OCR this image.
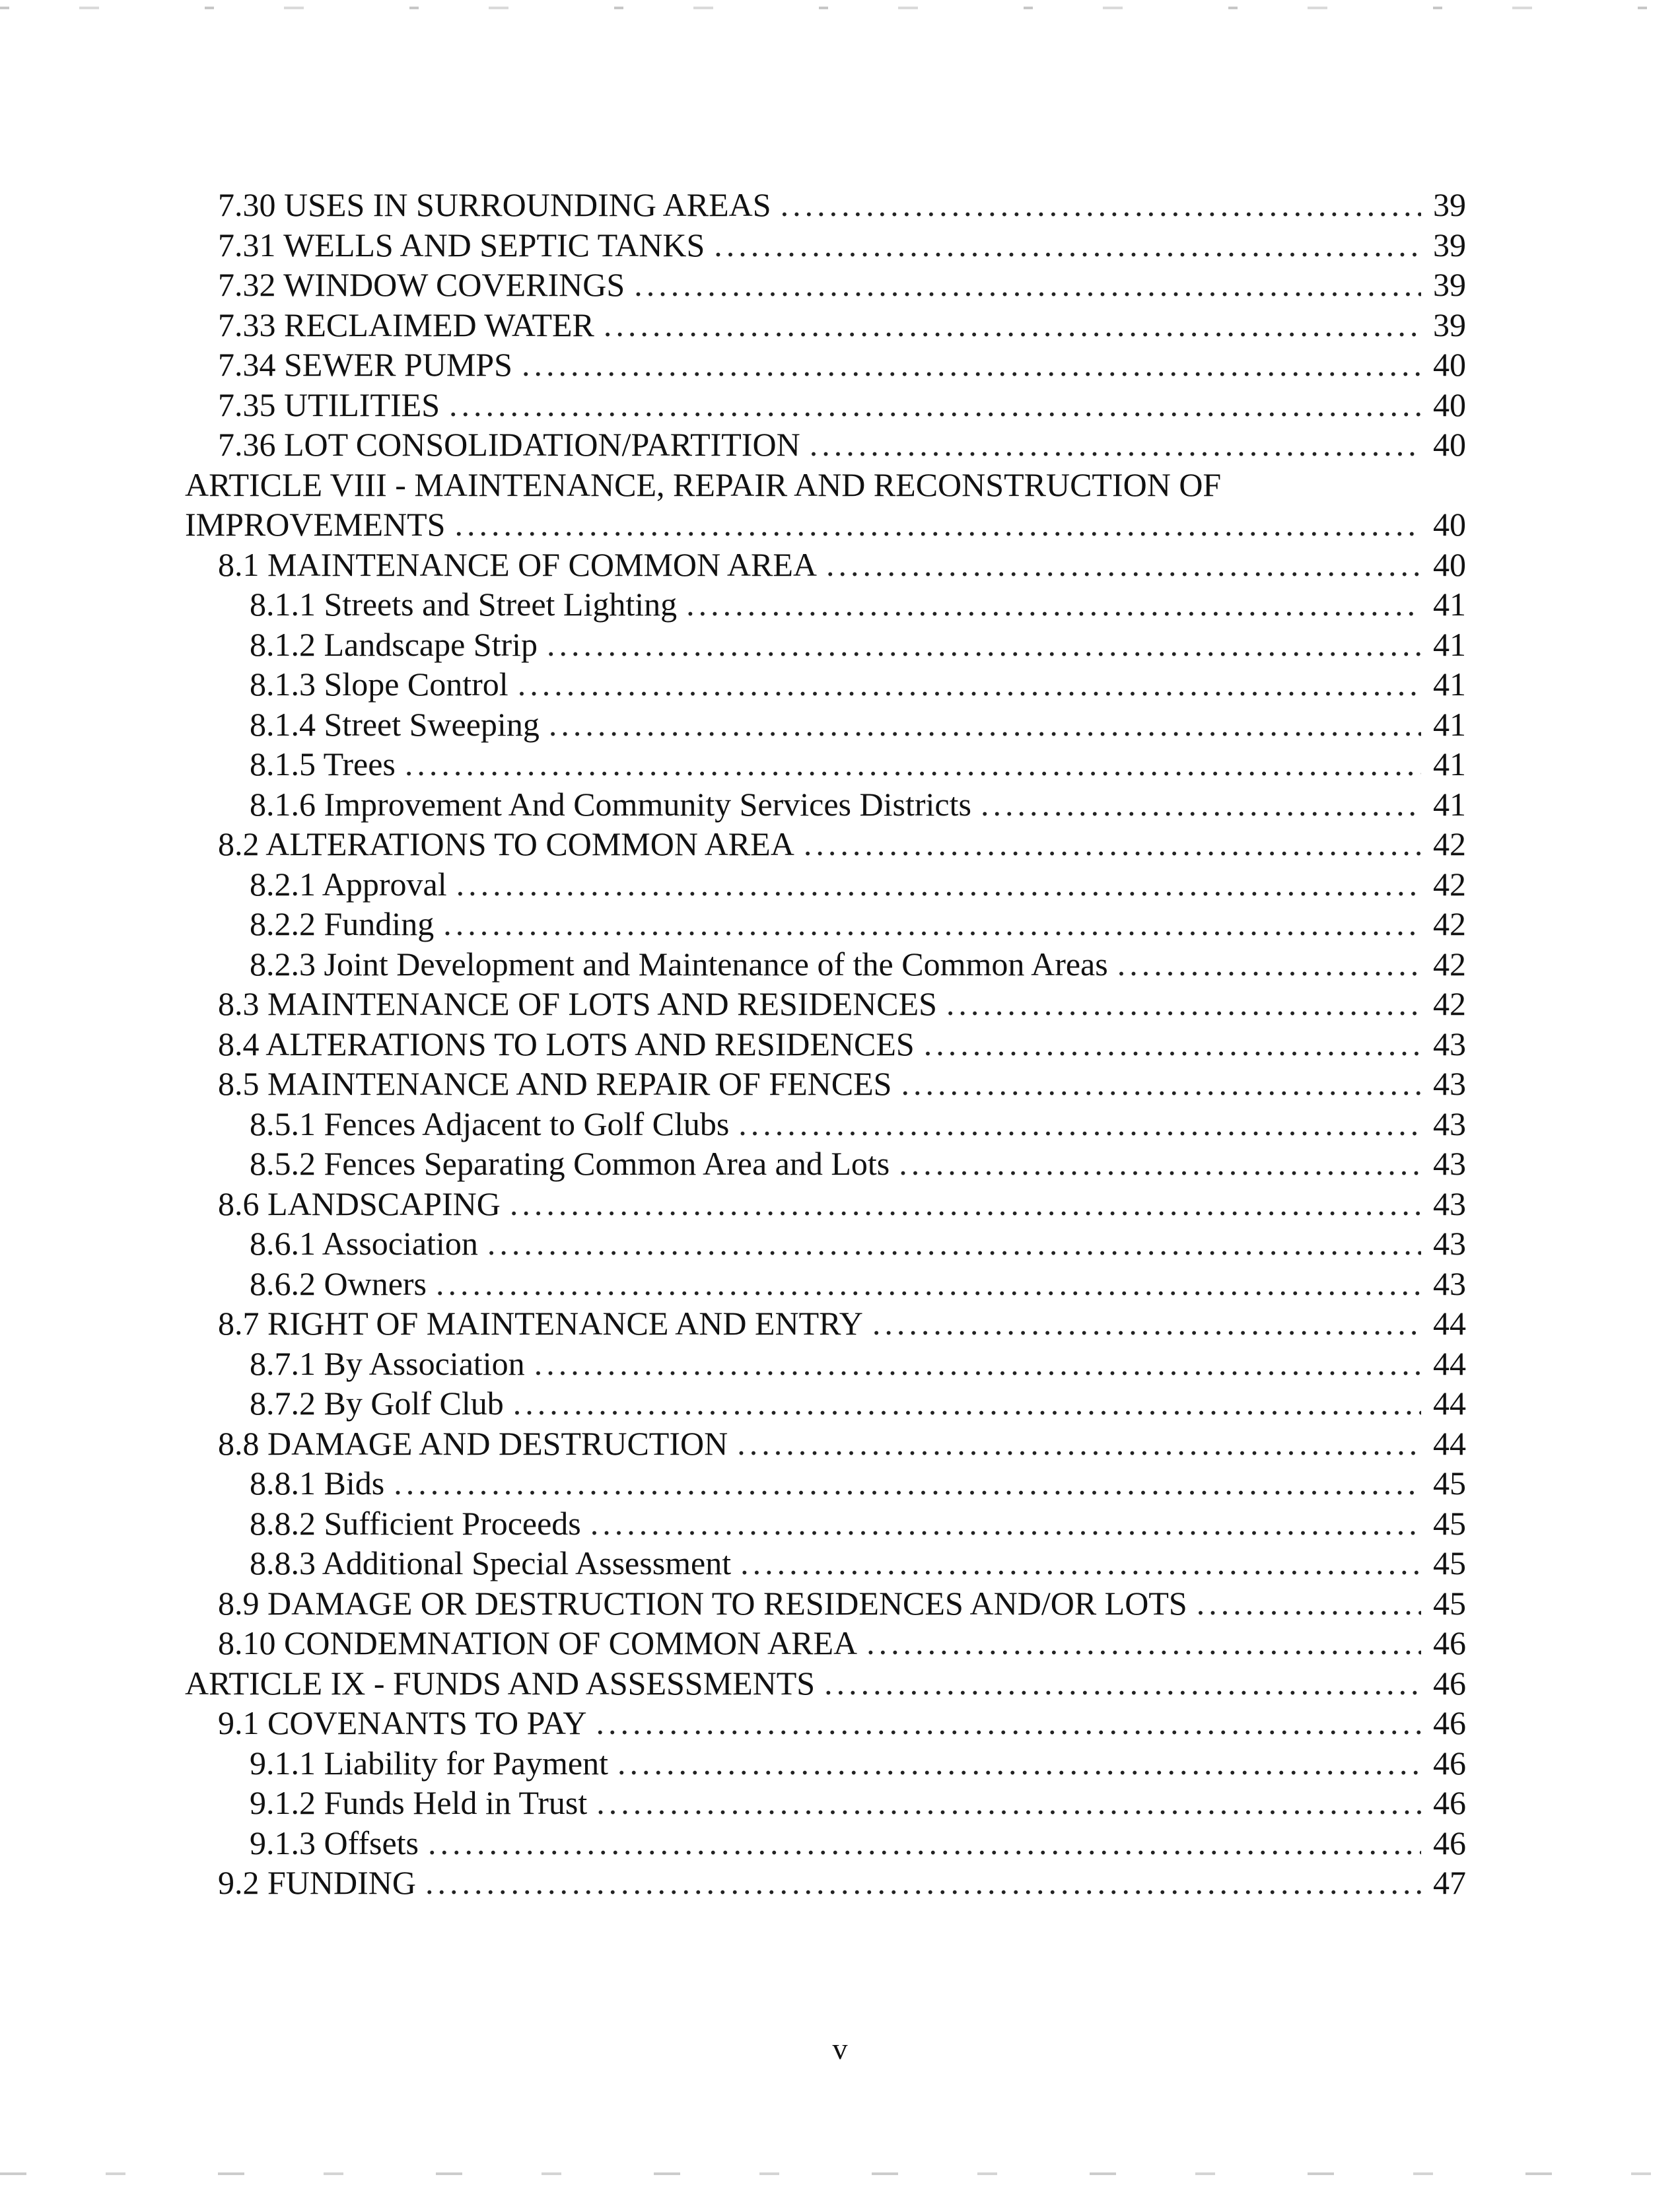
7.30 USES IN SURROUNDING AREAS .....	39
7.31 WELLS AND SEPTIC TANKS .....	39
7.32 WINDOW COVERINGS .....	39
7.33 RECLAIMED WATER .....	39
7.34 SEWER PUMPS .....	40
7.35 UTILITIES .....	40
7.36 LOT CONSOLIDATION/PARTITION .....	40
ARTICLE VIII - MAINTENANCE, REPAIR AND RECONSTRUCTION OF
IMPROVEMENTS .....	40
8.1 MAINTENANCE OF COMMON AREA .....	40
8.1.1 Streets and Street Lighting .....	41
8.1.2 Landscape Strip .....	41
8.1.3 Slope Control .....	41
8.1.4 Street Sweeping .....	41
8.1.5 Trees .....	41
8.1.6 Improvement And Community Services Districts .....	41
8.2 ALTERATIONS TO COMMON AREA .....	42
8.2.1 Approval .....	42
8.2.2 Funding .....	42
8.2.3 Joint Development and Maintenance of the Common Areas .....	42
8.3 MAINTENANCE OF LOTS AND RESIDENCES .....	42
8.4 ALTERATIONS TO LOTS AND RESIDENCES .....	43
8.5 MAINTENANCE AND REPAIR OF FENCES .....	43
8.5.1 Fences Adjacent to Golf Clubs .....	43
8.5.2 Fences Separating Common Area and Lots .....	43
8.6 LANDSCAPING .....	43
8.6.1 Association .....	43
8.6.2 Owners .....	43
8.7 RIGHT OF MAINTENANCE AND ENTRY .....	44
8.7.1 By Association .....	44
8.7.2 By Golf Club .....	44
8.8 DAMAGE AND DESTRUCTION .....	44
8.8.1 Bids .....	45
8.8.2 Sufficient Proceeds .....	45
8.8.3 Additional Special Assessment .....	45
8.9 DAMAGE OR DESTRUCTION TO RESIDENCES AND/OR LOTS .....	45
8.10 CONDEMNATION OF COMMON AREA .....	46
ARTICLE IX - FUNDS AND ASSESSMENTS .....	46
9.1 COVENANTS TO PAY .....	46
9.1.1 Liability for Payment .....	46
9.1.2 Funds Held in Trust .....	46
9.1.3 Offsets .....	46
9.2 FUNDING .....	47
v
